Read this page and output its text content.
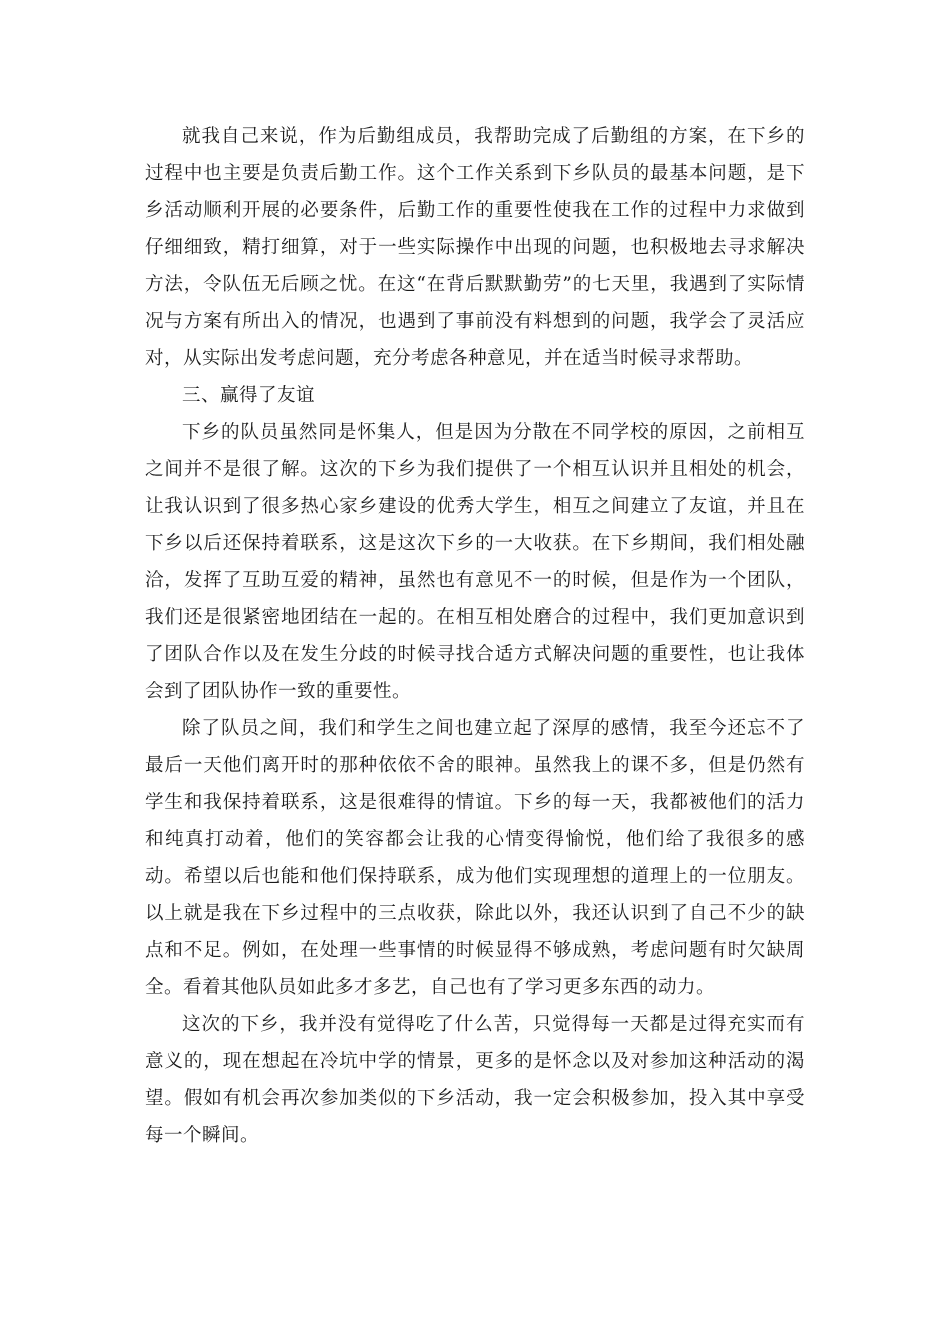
就我自己来说，作为后勤组成员，我帮助完成了后勤组的方案，在下乡的过程中也主要是负责后勤工作。这个工作关系到下乡队员的最基本问题，是下乡活动顺利开展的必要条件，后勤工作的重要性使我在工作的过程中力求做到仔细细致，精打细算，对于一些实际操作中出现的问题，也积极地去寻求解决方法，令队伍无后顾之忧。在这“在背后默默勤劳”的七天里，我遇到了实际情况与方案有所出入的情况，也遇到了事前没有料想到的问题，我学会了灵活应对，从实际出发考虑问题，充分考虑各种意见，并在适当时候寻求帮助。

三、赢得了友谊

下乡的队员虽然同是怀集人，但是因为分散在不同学校的原因，之前相互之间并不是很了解。这次的下乡为我们提供了一个相互认识并且相处的机会，让我认识到了很多热心家乡建设的优秀大学生，相互之间建立了友谊，并且在下乡以后还保持着联系，这是这次下乡的一大收获。在下乡期间，我们相处融洽，发挥了互助互爱的精神，虽然也有意见不一的时候，但是作为一个团队，我们还是很紧密地团结在一起的。在相互相处磨合的过程中，我们更加意识到了团队合作以及在发生分歧的时候寻找合适方式解决问题的重要性，也让我体会到了团队协作一致的重要性。

除了队员之间，我们和学生之间也建立起了深厚的感情，我至今还忘不了最后一天他们离开时的那种依依不舍的眼神。虽然我上的课不多，但是仍然有学生和我保持着联系，这是很难得的情谊。下乡的每一天，我都被他们的活力和纯真打动着，他们的笑容都会让我的心情变得愉悦，他们给了我很多的感动。希望以后也能和他们保持联系，成为他们实现理想的道理上的一位朋友。以上就是我在下乡过程中的三点收获，除此以外，我还认识到了自己不少的缺点和不足。例如，在处理一些事情的时候显得不够成熟，考虑问题有时欠缺周全。看着其他队员如此多才多艺，自己也有了学习更多东西的动力。

这次的下乡，我并没有觉得吃了什么苦，只觉得每一天都是过得充实而有意义的，现在想起在冷坑中学的情景，更多的是怀念以及对参加这种活动的渴望。假如有机会再次参加类似的下乡活动，我一定会积极参加，投入其中享受每一个瞬间。
